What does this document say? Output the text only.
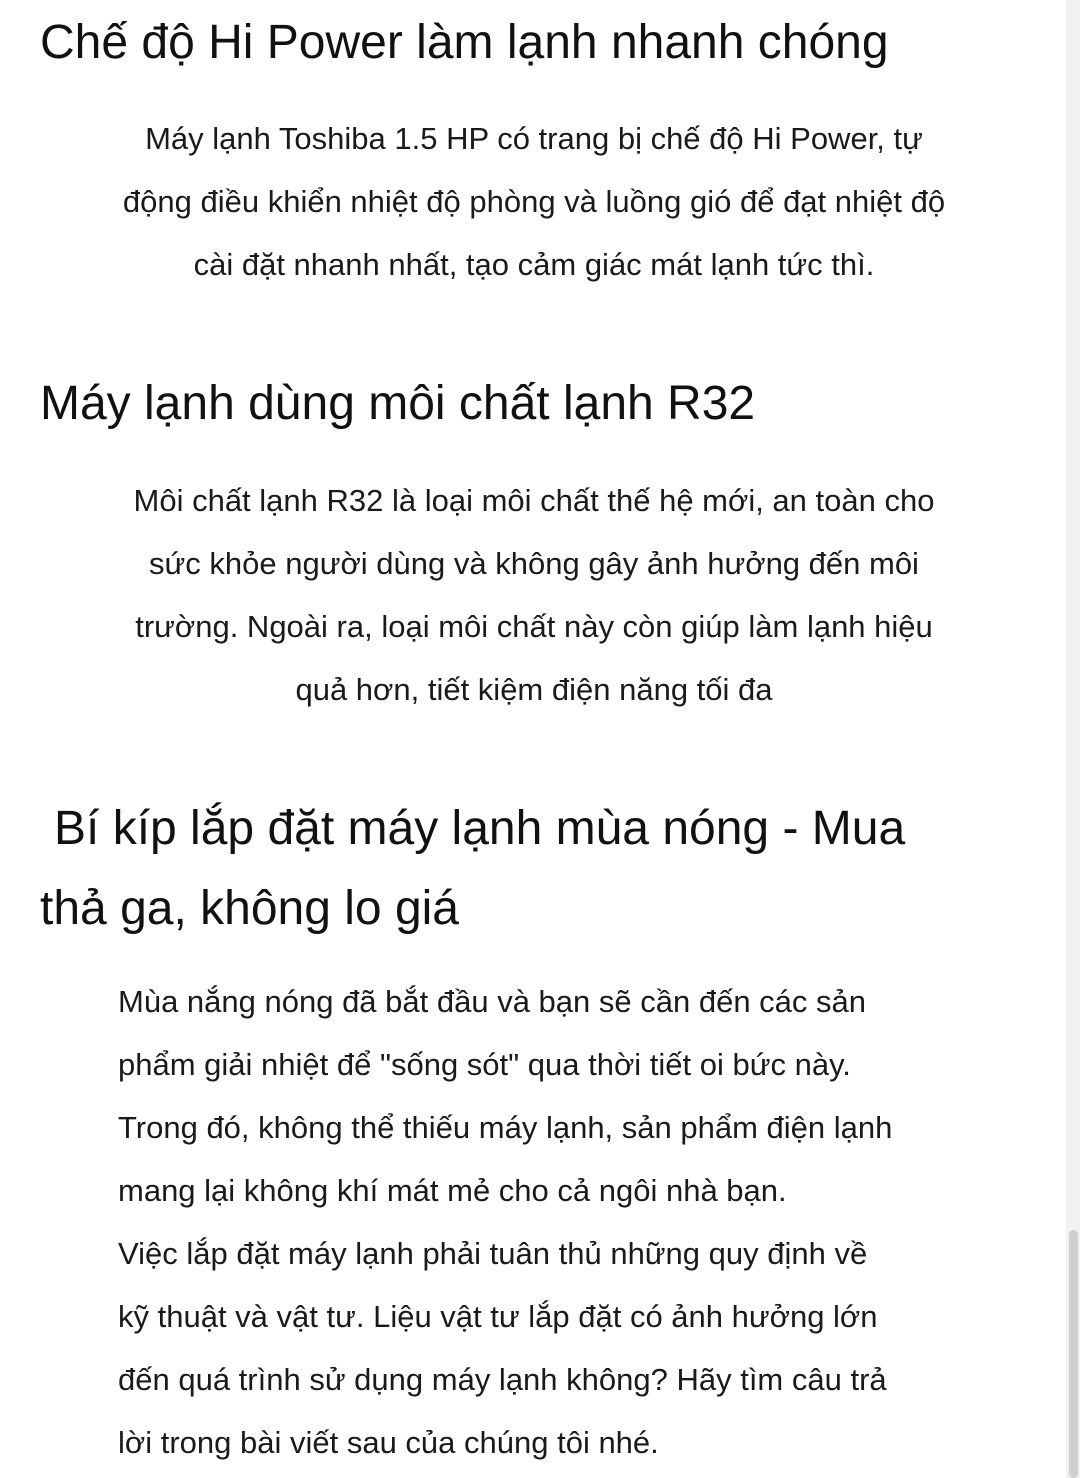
Chế độ Hi Power làm lạnh nhanh chóng

Máy lạnh Toshiba 1.5 HP có trang bị chế độ Hi Power, tự
động điều khiển nhiệt độ phòng và luồng gió để đạt nhiệt độ
cài đặt nhanh nhất, tạo cảm giác mát lạnh tức thì.

Máy lạnh dùng môi chất lạnh R32

Môi chất lạnh R32 là loại môi chất thế hệ mới, an toàn cho
sức khỏe người dùng và không gây ảnh hưởng đến môi
trường. Ngoài ra, loại môi chất này còn giúp làm lạnh hiệu
quả hơn, tiết kiệm điện năng tối đa

Bí kíp lắp đặt máy lạnh mùa nóng - Mua
thả ga, không lo giá

Mùa nắng nóng đã bắt đầu và bạn sẽ cần đến các sản
phẩm giải nhiệt để "sống sót" qua thời tiết oi bức này.
Trong đó, không thể thiếu máy lạnh, sản phẩm điện lạnh
mang lại không khí mát mẻ cho cả ngôi nhà bạn.
Việc lắp đặt máy lạnh phải tuân thủ những quy định về
kỹ thuật và vật tư. Liệu vật tư lắp đặt có ảnh hưởng lớn
đến quá trình sử dụng máy lạnh không? Hãy tìm câu trả
lời trong bài viết sau của chúng tôi nhé.
